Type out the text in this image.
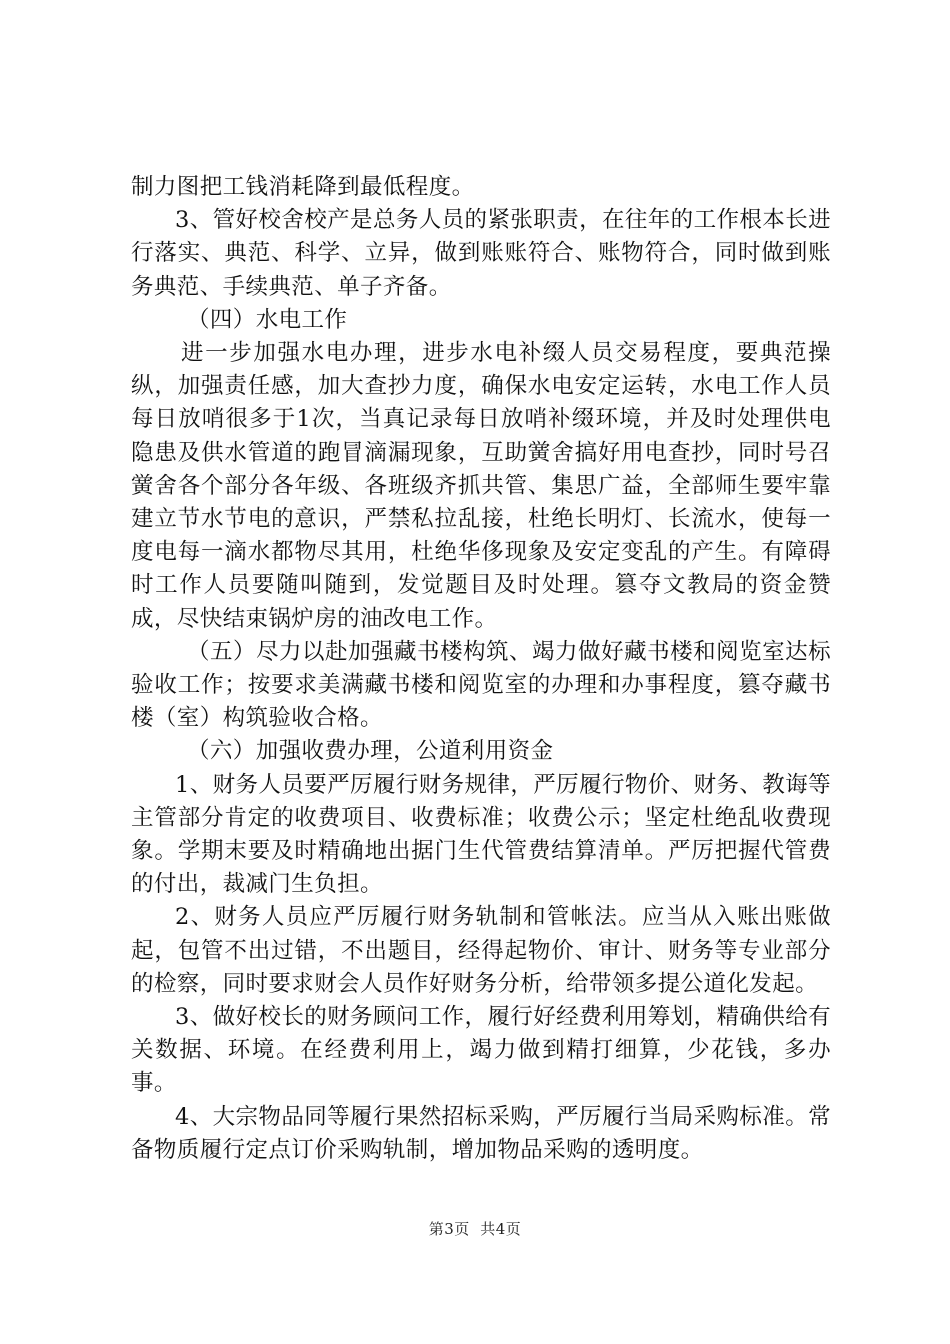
制力图把工钱消耗降到最低程度。

3、管好校舍校产是总务人员的紧张职责，在往年的工作根本长进行落实、典范、科学、立异，做到账账符合、账物符合，同时做到账务典范、手续典范、单子齐备。

（四）水电工作

进一步加强水电办理，进步水电补缀人员交易程度，要典范操纵，加强责任感，加大查抄力度，确保水电安定运转，水电工作人员每日放哨很多于1次，当真记录每日放哨补缀环境，并及时处理供电隐患及供水管道的跑冒滴漏现象，互助黉舍搞好用电查抄，同时号召黉舍各个部分各年级、各班级齐抓共管、集思广益，全部师生要牢靠建立节水节电的意识，严禁私拉乱接，杜绝长明灯、长流水，使每一度电每一滴水都物尽其用，杜绝华侈现象及安定变乱的产生。有障碍时工作人员要随叫随到，发觉题目及时处理。篡夺文教局的资金赞成，尽快结束锅炉房的油改电工作。

（五）尽力以赴加强藏书楼构筑、竭力做好藏书楼和阅览室达标验收工作；按要求美满藏书楼和阅览室的办理和办事程度，篡夺藏书楼（室）构筑验收合格。

（六）加强收费办理，公道利用资金

1、财务人员要严厉履行财务规律，严厉履行物价、财务、教诲等主管部分肯定的收费项目、收费标准；收费公示；坚定杜绝乱收费现象。学期末要及时精确地出据门生代管费结算清单。严厉把握代管费的付出，裁减门生负担。

2、财务人员应严厉履行财务轨制和管帐法。应当从入账出账做起，包管不出过错，不出题目，经得起物价、审计、财务等专业部分的检察，同时要求财会人员作好财务分析，给带领多提公道化发起。

3、做好校长的财务顾问工作，履行好经费利用筹划，精确供给有关数据、环境。在经费利用上，竭力做到精打细算，少花钱，多办事。

4、大宗物品同等履行果然招标采购，严厉履行当局采购标准。常备物质履行定点订价采购轨制，增加物品采购的透明度。

第3页  共4页
